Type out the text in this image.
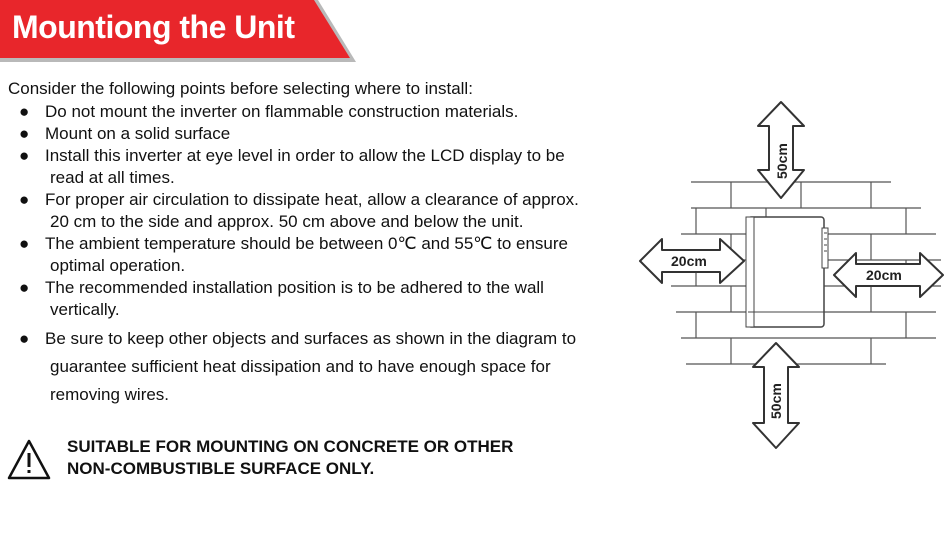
Mountiong the Unit

Consider the following points before selecting where to install:

● Do not mount the inverter on flammable construction materials.
● Mount on a solid surface
● Install this inverter at eye level in order to allow the LCD display to be
read at all times.
● For proper air circulation to dissipate heat, allow a clearance of approx.
20 cm to the side and approx. 50 cm above and below the unit.
● The ambient temperature should be between 0℃ and 55℃ to ensure
optimal operation.
● The recommended installation position is to be adhered to the wall
vertically.
● Be sure to keep other objects and surfaces as shown in the diagram to
guarantee sufficient heat dissipation and to have enough space for
removing wires.

SUITABLE FOR MOUNTING ON CONCRETE OR OTHER
NON-COMBUSTIBLE SURFACE ONLY.

50cm
50cm
20cm
20cm
